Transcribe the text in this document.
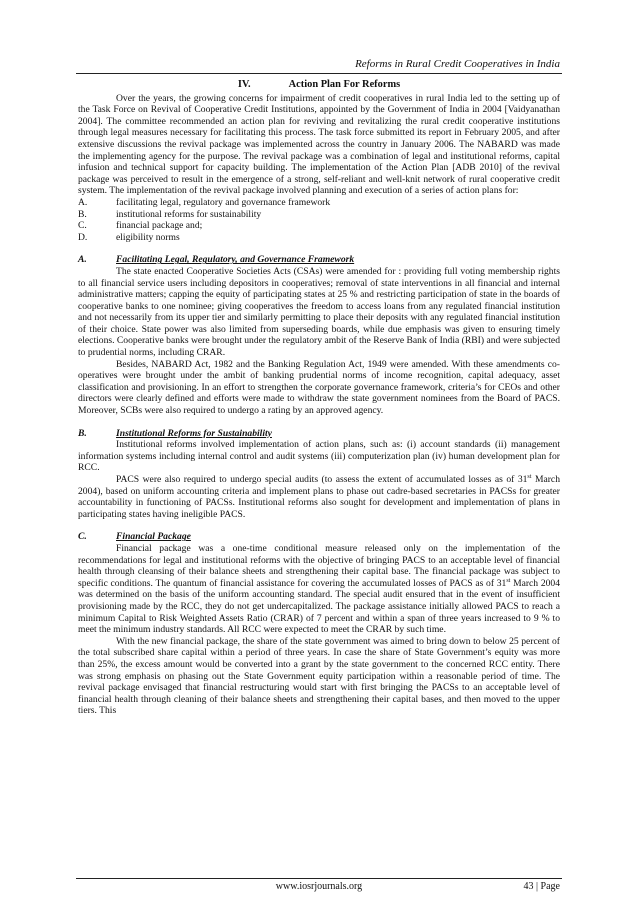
Reforms in Rural Credit Cooperatives in India
IV.	Action Plan For Reforms

Over the years, the growing concerns for impairment of credit cooperatives in rural India led to the setting up of the Task Force on Revival of Cooperative Credit Institutions, appointed by the Government of India in 2004 [Vaidyanathan 2004]. The committee recommended an action plan for reviving and revitalizing the rural credit cooperative institutions through legal measures necessary for facilitating this process. The task force submitted its report in February 2005, and after extensive discussions the revival package was implemented across the country in January 2006. The NABARD was made the implementing agency for the purpose. The revival package was a combination of legal and institutional reforms, capital infusion and technical support for capacity building. The implementation of the Action Plan [ADB 2010] of the revival package was perceived to result in the emergence of a strong, self-reliant and well-knit network of rural cooperative credit system. The implementation of the revival package involved planning and execution of a series of action plans for:

A.	facilitating legal, regulatory and governance framework
B.	institutional reforms for sustainability
C.	financial package and;
D.	eligibility norms
A.	Facilitating Legal, Regulatory, and Governance Framework

The state enacted Cooperative Societies Acts (CSAs) were amended for : providing full voting membership rights to all financial service users including depositors in cooperatives; removal of state interventions in all financial and internal administrative matters; capping the equity of participating states at 25 % and restricting participation of state in the boards of cooperative banks to one nominee; giving cooperatives the freedom to access loans from any regulated financial institution and not necessarily from its upper tier and similarly permitting to place their deposits with any regulated financial institution of their choice. State power was also limited from superseding boards, while due emphasis was given to ensuring timely elections. Cooperative banks were brought under the regulatory ambit of the Reserve Bank of India (RBI) and were subjected to prudential norms, including CRAR.

Besides, NABARD Act, 1982 and the Banking Regulation Act, 1949 were amended. With these amendments co-operatives were brought under the ambit of banking prudential norms of income recognition, capital adequacy, asset classification and provisioning. In an effort to strengthen the corporate governance framework, criteria’s for CEOs and other directors were clearly defined and efforts were made to withdraw the state government nominees from the Board of PACS. Moreover, SCBs were also required to undergo a rating by an approved agency.

B.	Institutional Reforms for Sustainability

Institutional reforms involved implementation of action plans, such as: (i) account standards (ii) management information systems including internal control and audit systems (iii) computerization plan (iv) human development plan for RCC.

PACS were also required to undergo special audits (to assess the extent of accumulated losses as of 31st March 2004), based on uniform accounting criteria and implement plans to phase out cadre-based secretaries in PACSs for greater accountability in functioning of PACSs. Institutional reforms also sought for development and implementation of plans in participating states having ineligible PACS.

C.	Financial Package

Financial package was a one-time conditional measure released only on the implementation of the recommendations for legal and institutional reforms with the objective of bringing PACS to an acceptable level of financial health through cleansing of their balance sheets and strengthening their capital base. The financial package was subject to specific conditions. The quantum of financial assistance for covering the accumulated losses of PACS as of 31st March 2004 was determined on the basis of the uniform accounting standard. The special audit ensured that in the event of insufficient provisioning made by the RCC, they do not get undercapitalized. The package assistance initially allowed PACS to reach a minimum Capital to Risk Weighted Assets Ratio (CRAR) of 7 percent and within a span of three years increased to 9 % to meet the minimum industry standards. All RCC were expected to meet the CRAR by such time.

With the new financial package, the share of the state government was aimed to bring down to below 25 percent of the total subscribed share capital within a period of three years. In case the share of State Government’s equity was more than 25%, the excess amount would be converted into a grant by the state government to the concerned RCC entity. There was strong emphasis on phasing out the State Government equity participation within a reasonable period of time. The revival package envisaged that financial restructuring would start with first bringing the PACSs to an acceptable level of financial health through cleaning of their balance sheets and strengthening their capital bases, and then moved to the upper tiers. This

www.iosrjournals.org	43 | Page
